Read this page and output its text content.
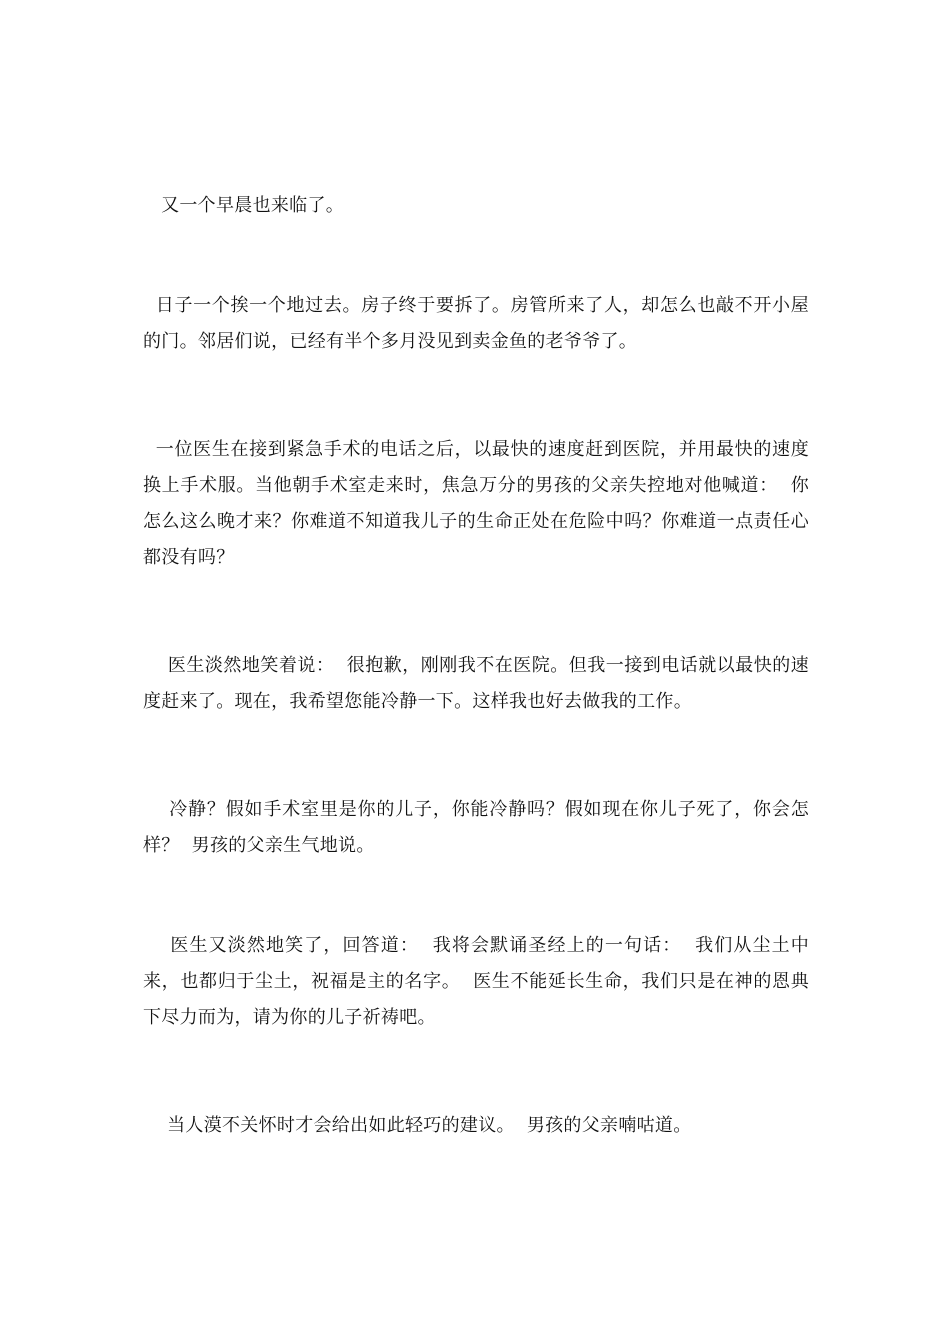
又一个早晨也来临了。

日子一个挨一个地过去。房子终于要拆了。房管所来了人，却怎么也敲不开小屋的门。邻居们说，已经有半个多月没见到卖金鱼的老爷爷了。

一位医生在接到紧急手术的电话之后，以最快的速度赶到医院，并用最快的速度换上手术服。当他朝手术室走来时，焦急万分的男孩的父亲失控地对他喊道：  你怎么这么晚才来？你难道不知道我儿子的生命正处在危险中吗？你难道一点责任心都没有吗？

医生淡然地笑着说：  很抱歉，刚刚我不在医院。但我一接到电话就以最快的速度赶来了。现在，我希望您能冷静一下。这样我也好去做我的工作。

冷静？假如手术室里是你的儿子，你能冷静吗？假如现在你儿子死了，你会怎样？  男孩的父亲生气地说。

医生又淡然地笑了，回答道：  我将会默诵圣经上的一句话：  我们从尘土中来，也都归于尘土，祝福是主的名字。  医生不能延长生命，我们只是在神的恩典下尽力而为，请为你的儿子祈祷吧。

当人漠不关怀时才会给出如此轻巧的建议。  男孩的父亲喃咕道。
